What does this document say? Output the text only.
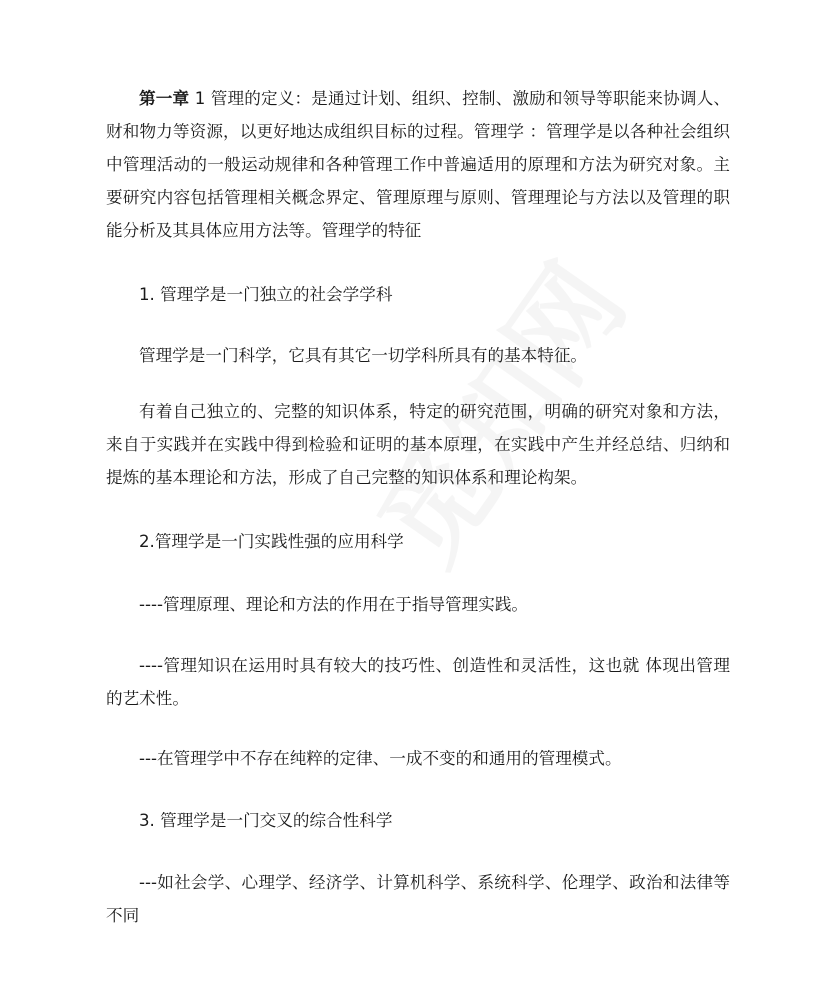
第一章 1 管理的定义：是通过计划、组织、控制、激励和领导等职能来协调人、财和物力等资源，以更好地达成组织目标的过程。管理学 ：管理学是以各种社会组织中管理活动的一般运动规律和各种管理工作中普遍适用的原理和方法为研究对象。主要研究内容包括管理相关概念界定、管理原理与原则、管理理论与方法以及管理的职能分析及其具体应用方法等。管理学的特征

1. 管理学是一门独立的社会学学科

管理学是一门科学，它具有其它一切学科所具有的基本特征。

有着自己独立的、完整的知识体系，特定的研究范围，明确的研究对象和方法，来自于实践并在实践中得到检验和证明的基本原理，在实践中产生并经总结、归纳和提炼的基本理论和方法，形成了自己完整的知识体系和理论构架。

2.管理学是一门实践性强的应用科学

----管理原理、理论和方法的作用在于指导管理实践。

----管理知识在运用时具有较大的技巧性、创造性和灵活性，这也就 体现出管理的艺术性。

---在管理学中不存在纯粹的定律、一成不变的和通用的管理模式。

3. 管理学是一门交叉的综合性科学

---如社会学、心理学、经济学、计算机科学、系统科学、伦理学、政治和法律等不同
